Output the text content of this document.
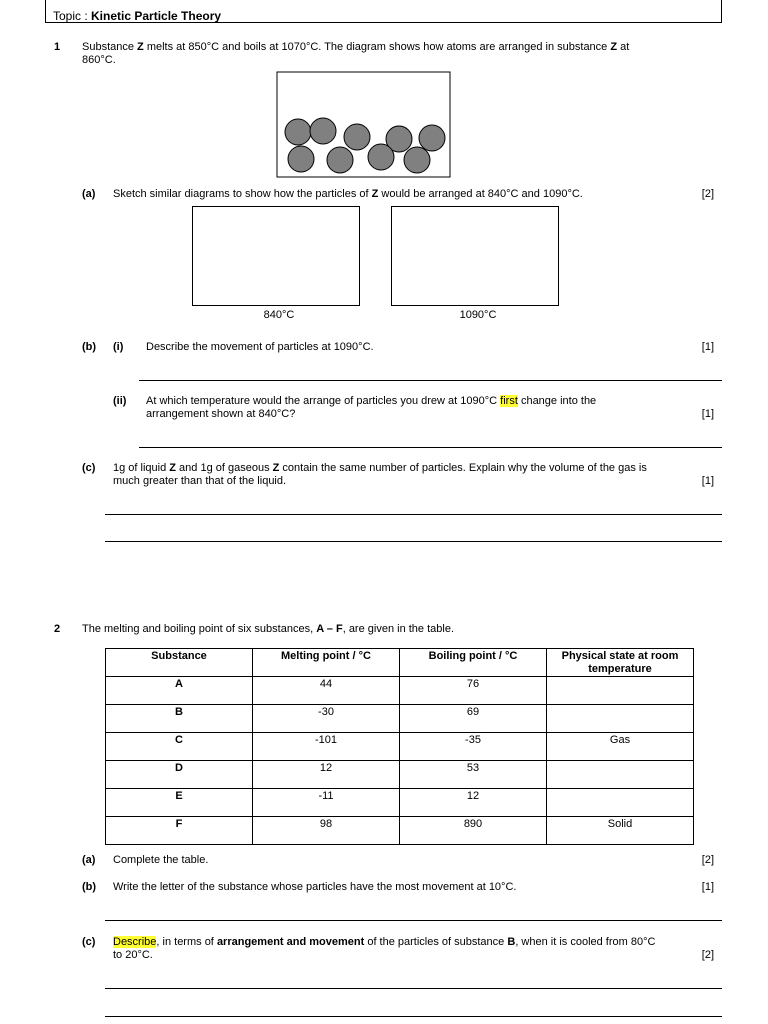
Topic : Kinetic Particle Theory
1 Substance Z melts at 850°C and boils at 1070°C. The diagram shows how atoms are arranged in substance Z at
860°C.
(a) Sketch similar diagrams to show how the particles of Z would be arranged at 840°C and 1090°C.	[2]
840°C	1090°C
(b) (i) Describe the movement of particles at 1090°C.	[1]
(ii) At which temperature would the arrange of particles you drew at 1090°C first change into the
arrangement shown at 840°C?	[1]
(c) 1g of liquid Z and 1g of gaseous Z contain the same number of particles. Explain why the volume of the gas is
much greater than that of the liquid.	[1]
2 The melting and boiling point of six substances, A – F, are given in the table.
Substance	Melting point / °C	Boiling point / °C	Physical state at room temperature
A	44	76	
B	-30	69	
C	-101	-35	Gas
D	12	53	
E	-11	12	
F	98	890	Solid
(a) Complete the table.	[2]
(b) Write the letter of the substance whose particles have the most movement at 10°C.	[1]
(c) Describe, in terms of arrangement and movement of the particles of substance B, when it is cooled from 80°C
to 20°C.	[2]
